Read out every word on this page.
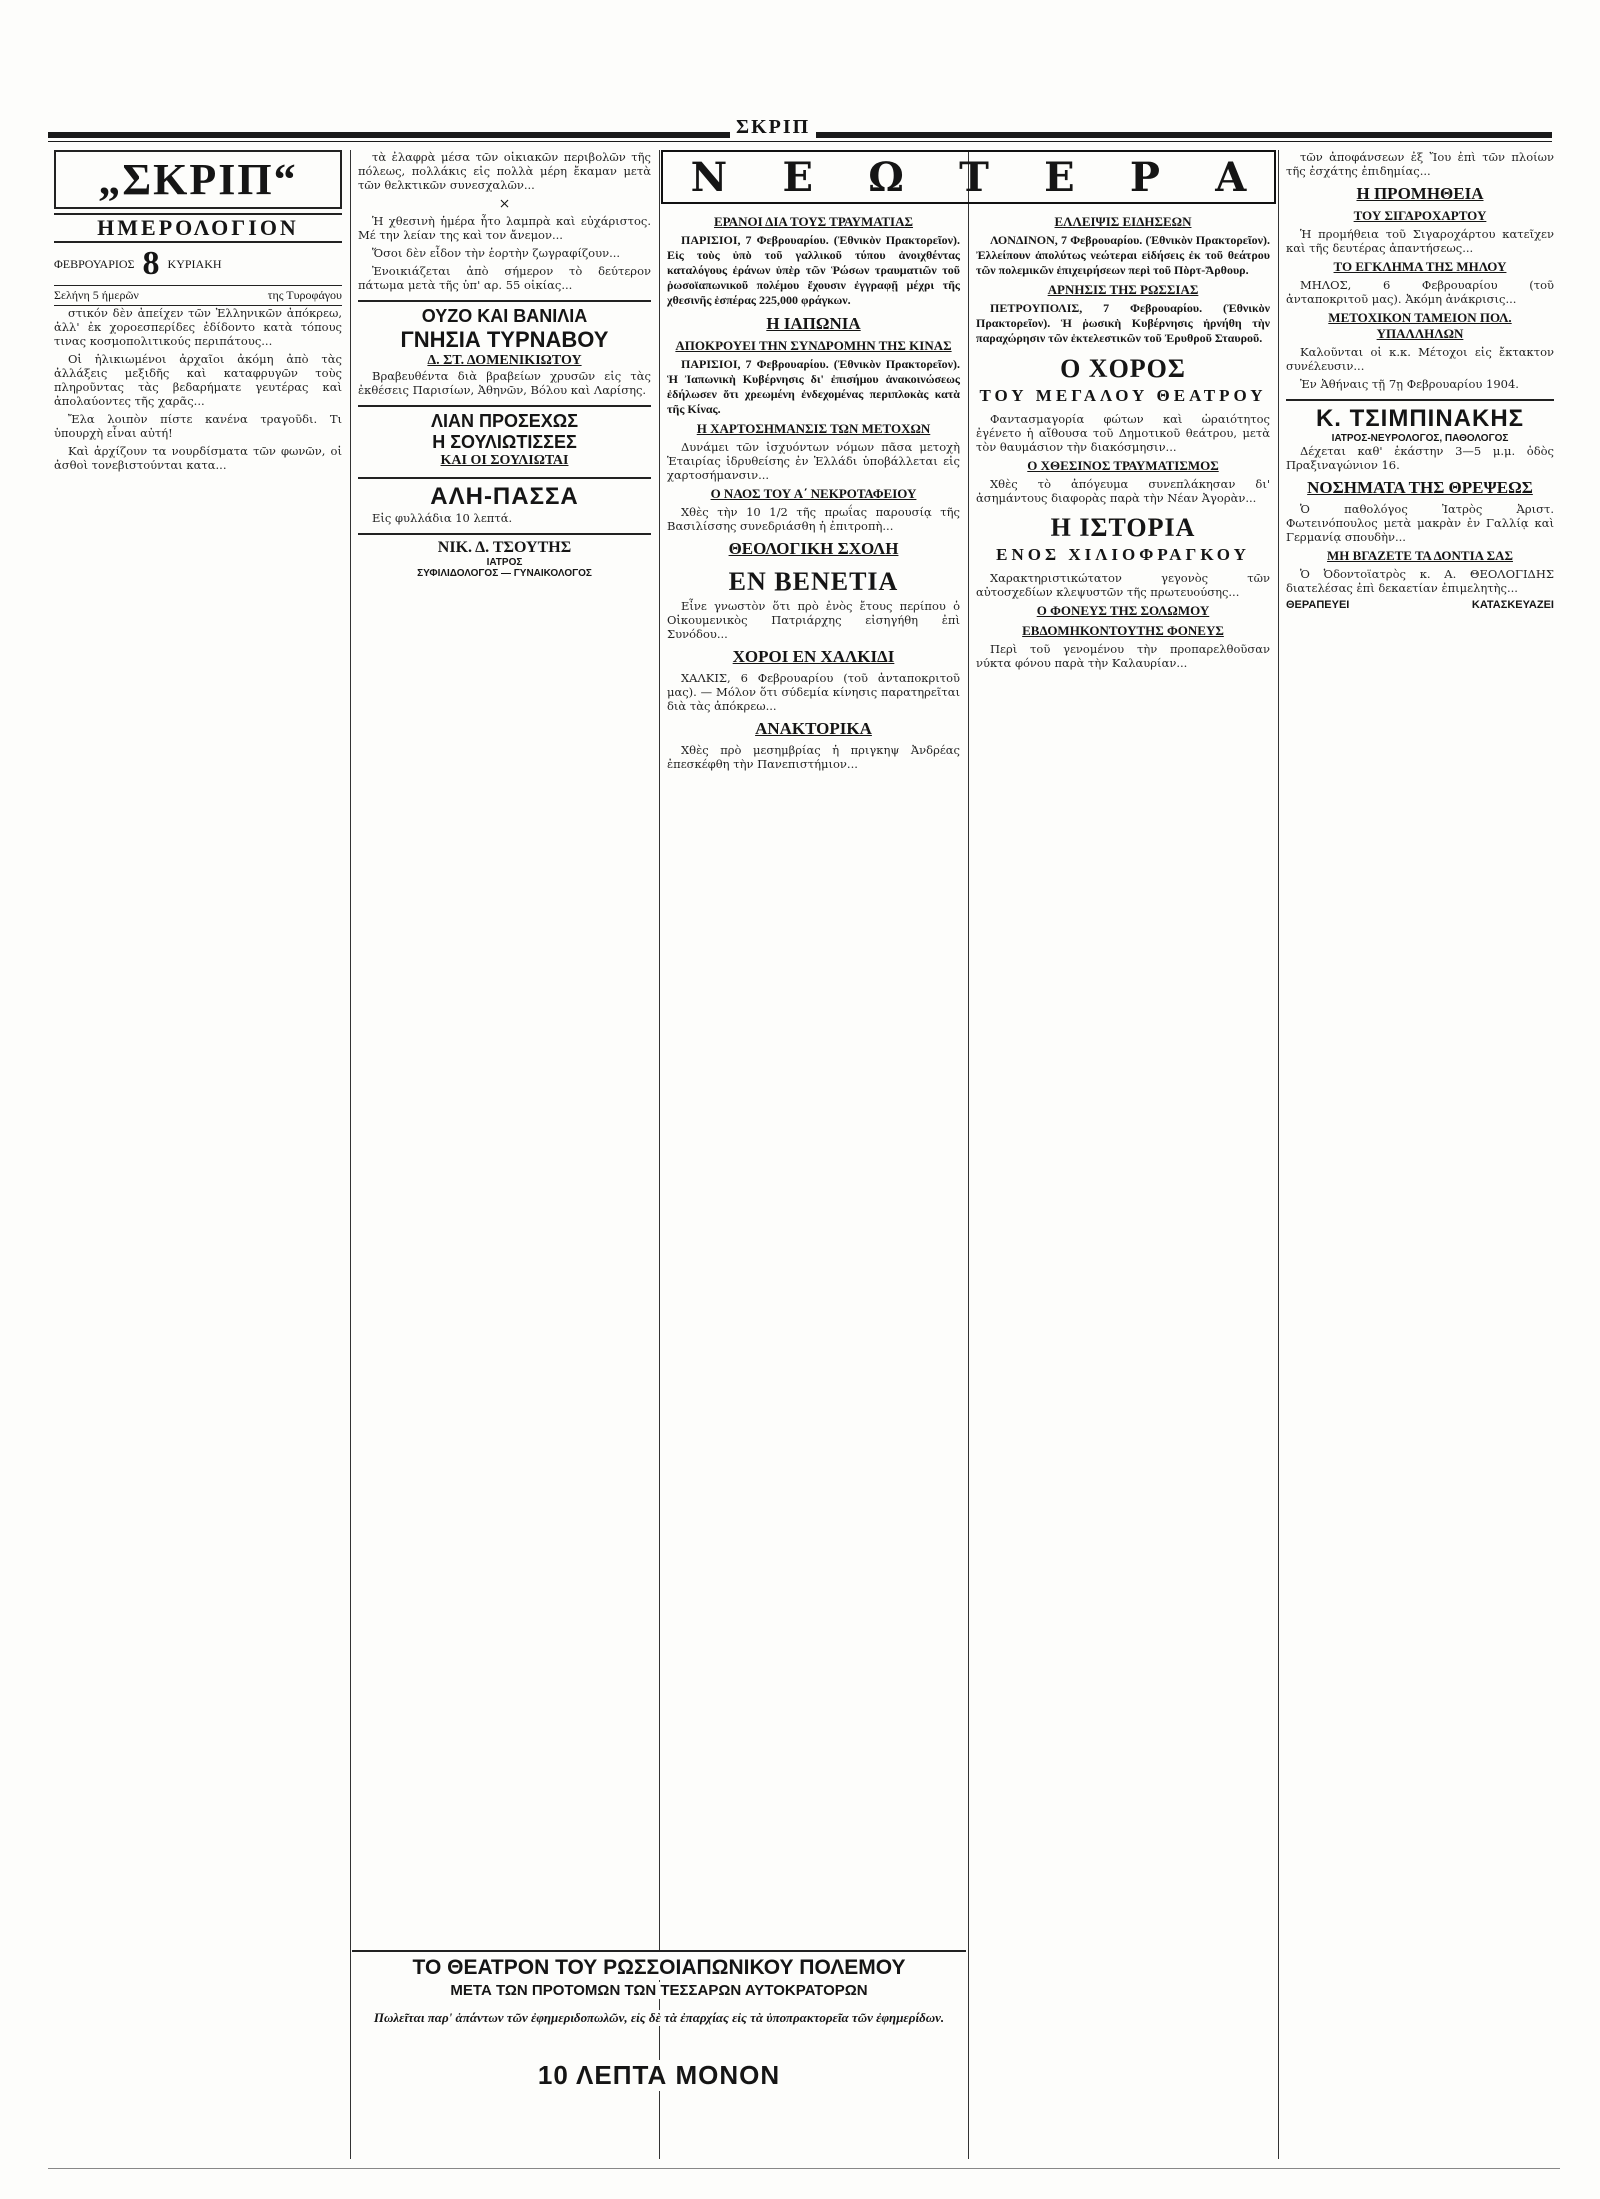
ΣΚΡΙΠ
„ΣΚΡΙΠ“
ΗΜΕΡΟΛΟΓΙΟΝ
ΦΕΒΡΟΥΑΡΙΟΣ 8 ΚΥΡΙΑΚΗ
Σελήνη 5 ήμερῶν	της Τυροφάγου

στικόν δὲν ἀπείχεν τῶν Ἑλληνικῶν ἀπόκρεω, ἀλλ' ἐκ χοροεσπερίδες ἐδίδοντο κατὰ τόπους τινας κοσμοπολιτικούς περιπάτους...

Οἱ ἡλικιωμένοι ἀρχαῖοι ἀκόμη ἀπὸ τὰς ἀλλάξεις μεξιδῆς καὶ καταφρυγῶν τοὺς πληροῦντας τὰς βεδαρήματε γευτέρας καὶ ἀπολαύοντες τῆς χαρᾶς...

Ἔλα λοιπὸν πίστε κανένα τραγοῦδι. Τι ὑπουρχὴ εἶναι αὐτή!

Καὶ ἀρχίζουν τα νουρδίσματα τῶν φωνῶν, οἱ ἀσθοὶ τονεβιστούνται κατα...

τὰ ἐλαφρὰ μέσα τῶν οἰκιακῶν περιβολῶν τῆς πόλεως, πολλάκις εἰς πολλὰ μέρη ἔκαμαν μετὰ τῶν θελκτικῶν συνεσχαλῶν...

×

Ἡ χθεσινὴ ἡμέρα ἦτο λαμπρὰ καὶ εὐχάριστος. Μέ την λείαν της καὶ τον ἄνεμον...

Ὅσοι δὲν εἶδον τὴν ἑορτὴν ζωγραφίζουν...

Ἐνοικιάζεται ἀπὸ σήμερον τὸ δεύτερον πάτωμα μετὰ τῆς ὑπ' αρ. 55 οἰκίας...

ΟΥΖΟ ΚΑΙ ΒΑΝΙΛΙΑ
ΓΝΗΣΙΑ ΤΥΡΝΑΒΟΥ
Δ. ΣΤ. ΔΟΜΕΝΙΚΙΩΤΟΥ

Βραβευθέντα διὰ βραβείων χρυσῶν εἰς τὰς ἐκθέσεις Παρισίων, Ἀθηνῶν, Βόλου καὶ Λαρίσης.

ΛΙΑΝ ΠΡΟΣΕΧΩΣ
Η ΣΟΥΛΙΩΤΙΣΣΕΣ
ΚΑΙ ΟΙ ΣΟΥΛΙΩΤΑΙ
ΑΛΗ-ΠΑΣΣΑ

Εἰς φυλλάδια 10 λεπτά.

ΝΙΚ. Δ. ΤΣΟΥΤΗΣ
ΙΑΤΡΟΣ
ΣΥΦΙΛΙΔΟΛΟΓΟΣ — ΓΥΝΑΙΚΟΛΟΓΟΣ
Ν Ε Ω Τ Ε Ρ Α
ΕΡΑΝΟΙ ΔΙΑ ΤΟΥΣ ΤΡΑΥΜΑΤΙΑΣ

ΠΑΡΙΣΙΟΙ, 7 Φεβρουαρίου. (Ἐθνικὸν Πρακτορεῖον). Εἰς τοὺς ὑπὸ τοῦ γαλλικοῦ τύπου ἀνοιχθέντας καταλόγους ἐράνων ὑπὲρ τῶν Ῥώσων τραυματιῶν τοῦ ῥωσοϊαπωνικοῦ πολέμου ἔχουσιν ἐγγραφῇ μέχρι τῆς χθεσινῆς ἑσπέρας 225,000 φράγκων.

Η ΙΑΠΩΝΙΑ
ΑΠΟΚΡΟΥΕΙ ΤΗΝ ΣΥΝΔΡΟΜΗΝ ΤΗΣ ΚΙΝΑΣ

ΠΑΡΙΣΙΟΙ, 7 Φεβρουαρίου. (Ἐθνικὸν Πρακτορεῖον). Ἡ Ἰαπωνικὴ Κυβέρνησις δι' ἐπισήμου ἀνακοινώσεως ἐδήλωσεν ὅτι χρεωμένη ἐνδεχομένας περιπλοκὰς κατὰ τῆς Κίνας.

Η ΧΑΡΤΟΣΗΜΑΝΣΙΣ ΤΩΝ ΜΕΤΟΧΩΝ

Δυνάμει τῶν ἰσχυόντων νόμων πᾶσα μετοχὴ Ἑταιρίας ἱδρυθείσης ἐν Ἑλλάδι ὑποβάλλεται εἰς χαρτοσήμανσιν...

Ο ΝΑΟΣ ΤΟΥ Α΄ ΝΕΚΡΟΤΑΦΕΙΟΥ

Χθὲς τὴν 10 1/2 τῆς πρωΐας παρουσίᾳ τῆς Βασιλίσσης συνεδριάσθη ἡ ἐπιτροπὴ...

ΘΕΟΛΟΓΙΚΗ ΣΧΟΛΗ
ΕΝ ΒΕΝΕΤΙΑ

Εἶνε γνωστὸν ὅτι πρὸ ἐνὸς ἔτους περίπου ὁ Οἰκουμενικὸς Πατριάρχης εἰσηγήθη ἐπὶ Συνόδου...

ΧΟΡΟΙ ΕΝ ΧΑΛΚΙΔΙ

ΧΑΛΚΙΣ, 6 Φεβρουαρίου (τοῦ ἀνταποκριτοῦ μας). — Μόλον ὅτι σύδεμία κίνησις παρατηρεῖται διὰ τὰς ἀπόκρεω...

ΑΝΑΚΤΟΡΙΚΑ

Χθὲς πρὸ μεσημβρίας ἡ πριγκηψ Ἀνδρέας ἐπεσκέφθη τὴν Πανεπιστήμιον...

ΕΛΛΕΙΨΙΣ ΕΙΔΗΣΕΩΝ

ΛΟΝΔΙΝΟΝ, 7 Φεβρουαρίου. (Ἐθνικὸν Πρακτορεῖον). Ἐλλείπουν ἀπολύτως νεώτεραι εἰδήσεις ἐκ τοῦ θεάτρου τῶν πολεμικῶν ἐπιχειρήσεων περὶ τοῦ Πὸρτ-Ἄρθουρ.

ΑΡΝΗΣΙΣ ΤΗΣ ΡΩΣΣΙΑΣ

ΠΕΤΡΟΥΠΟΛΙΣ, 7 Φεβρουαρίου. (Ἐθνικὸν Πρακτορεῖον). Ἡ ῥωσικὴ Κυβέρνησις ἠρνήθη τὴν παραχώρησιν τῶν ἐκτελεστικῶν τοῦ Ἐρυθροῦ Σταυροῦ.

Ο ΧΟΡΟΣ
ΤΟΥ ΜΕΓΑΛΟΥ ΘΕΑΤΡΟΥ

Φαντασμαγορία φώτων καὶ ὡραιότητος ἐγένετο ἡ αἴθουσα τοῦ Δημοτικοῦ θεάτρου, μετὰ τὸν θαυμάσιον τὴν διακόσμησιν...

Ο ΧΘΕΣΙΝΟΣ ΤΡΑΥΜΑΤΙΣΜΟΣ

Χθὲς τὸ ἀπόγευμα συνεπλάκησαν δι' ἀσημάντους διαφορὰς παρὰ τὴν Νέαν Ἀγορὰν...

Η ΙΣΤΟΡΙΑ
ΕΝΟΣ ΧΙΛΙΟΦΡΑΓΚΟΥ

Χαρακτηριστικώτατον γεγονὸς τῶν αὐτοσχεδίων κλεψυστῶν τῆς πρωτευούσης...

Ο ΦΟΝΕΥΣ ΤΗΣ ΣΟΛΩΜΟΥ
ΕΒΔΟΜΗΚΟΝΤΟΥΤΗΣ ΦΟΝΕΥΣ

Περὶ τοῦ γενομένου τὴν προπαρελθοῦσαν νύκτα φόνου παρὰ τὴν Καλαυρίαν...

τῶν ἀποφάνσεων ἐξ Ἴου ἐπὶ τῶν πλοίων τῆς ἐσχάτης ἐπιδημίας...

Η ΠΡΟΜΗΘΕΙΑ
ΤΟΥ ΣΙΓΑΡΟΧΑΡΤΟΥ

Ἡ προμήθεια τοῦ Σιγαροχάρτου κατεῖχεν καὶ τῆς δευτέρας ἀπαντήσεως...

ΤΟ ΕΓΚΛΗΜΑ ΤΗΣ ΜΗΛΟΥ

ΜΗΛΟΣ, 6 Φεβρουαρίου (τοῦ ἀνταποκριτοῦ μας). Ἀκόμη ἀνάκρισις...

ΜΕΤΟΧΙΚΟΝ ΤΑΜΕΙΟΝ ΠΟΛ. ΥΠΑΛΛΗΛΩΝ

Καλοῦνται οἱ κ.κ. Μέτοχοι εἰς ἔκτακτον συνέλευσιν...

Ἐν Ἀθήναις τῇ 7ῃ Φεβρουαρίου 1904.

Κ. ΤΣΙΜΠΙΝΑΚΗΣ
ΙΑΤΡΟΣ-ΝΕΥΡΟΛΟΓΟΣ, ΠΑΘΟΛΟΓΟΣ

Δέχεται καθ' ἑκάστην 3—5 μ.μ. ὁδὸς Πραξιναγώνιον 16.

ΝΟΣΗΜΑΤΑ ΤΗΣ ΘΡΕΨΕΩΣ

Ὁ παθολόγος Ἰατρὸς Ἀριστ. Φωτεινόπουλος μετὰ μακρὰν ἐν Γαλλίᾳ καὶ Γερμανίᾳ σπουδὴν...

ΜΗ ΒΓΑΖΕΤΕ ΤΑ ΔΟΝΤΙΑ ΣΑΣ

Ὁ Ὀδοντοϊατρὸς κ. Α. ΘΕΟΛΟΓΙΔΗΣ διατελέσας ἐπὶ δεκαετίαν ἐπιμελητὴς...

ΘΕΡΑΠΕΥΕΙ	ΚΑΤΑΣΚΕΥΑΖΕΙ
ΤΟ ΘΕΑΤΡΟΝ ΤΟΥ ΡΩΣΣΟΙΑΠΩΝΙΚΟΥ ΠΟΛΕΜΟΥ
ΜΕΤΑ ΤΩΝ ΠΡΟΤΟΜΩΝ ΤΩΝ ΤΕΣΣΑΡΩΝ ΑΥΤΟΚΡΑΤΟΡΩΝ
Πωλεῖται παρ' ἁπάντων τῶν ἐφημεριδοπωλῶν, εἰς δὲ τὰ ἐπαρχίας εἰς τὰ ὑποπρακτορεῖα τῶν ἐφημερίδων.
10 ΛΕΠΤΑ ΜΟΝΟΝ
